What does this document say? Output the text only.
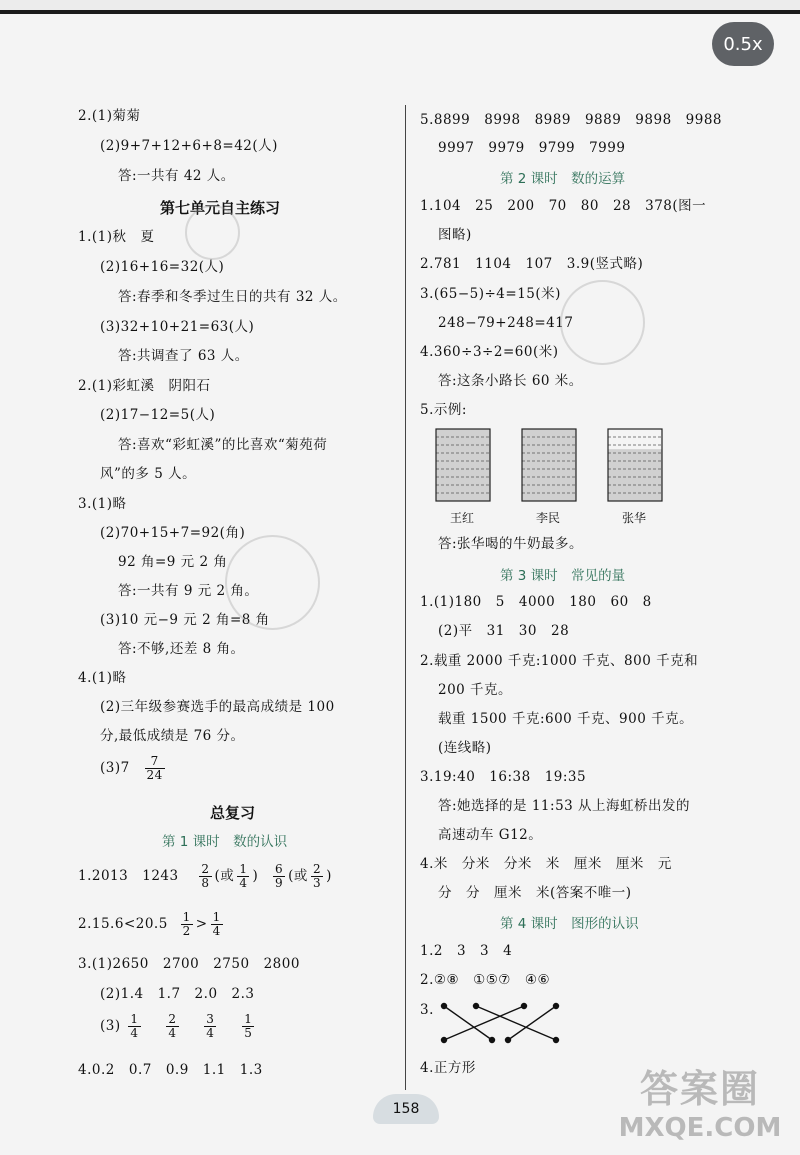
0.5x
2.(1)菊菊
(2)9+7+12+6+8=42(人)
答:一共有 42 人。
第七单元自主练习
1.(1)秋　夏
(2)16+16=32(人)
答:春季和冬季过生日的共有 32 人。
(3)32+10+21=63(人)
答:共调查了 63 人。
2.(1)彩虹溪　阴阳石
(2)17−12=5(人)
答:喜欢“彩虹溪”的比喜欢“菊苑荷
风”的多 5 人。
3.(1)略
(2)70+15+7=92(角)
92 角=9 元 2 角
答:一共有 9 元 2 角。
(3)10 元−9 元 2 角=8 角
答:不够,还差 8 角。
4.(1)略
(2)三年级参赛选手的最高成绩是 100
分,最低成绩是 76 分。
$(3)7 \frac{7}{24}$
总复习
第 1 课时　数的认识
1.2013　$1243 \frac{2}{8}$ (或 $\frac{1}{4}$ ) $\frac{6}{9}$ (或 $\frac{2}{3}$ )
$2.15.6<20.5 \frac{1}{2} > \frac{1}{4}$
3.(1)2650　2700　2750　2800
(2)1.4　1.7　2.0　2.3
$(3) \frac{1}{4}$
$\frac{2}{4}$
$\frac{3}{4}$
$\frac{1}{5}$
4.0.2　0.7　0.9　1.1　1.3
5.8899　8998　8989　9889　9898　9988
9997　9979　9799　7999
第 2 课时　数的运算
1.104　25　200　70　80　28　378(图一
图略)
2.781　1104　107　3.9(竖式略)
3.(65−5)÷4=15(米)
248−79+248=417
4.360÷3÷2=60(米)
答:这条小路长 60 米。
5.示例:
王红	李民	张华
答:张华喝的牛奶最多。
第 3 课时　常见的量
1.(1)180　5　4000　180　60　8
(2)平　31　30　28
2.载重 2000 千克:1000 千克、800 千克和
200 千克。
载重 1500 千克:600 千克、900 千克。
(连线略)
3.19:40　16:38　19:35
答:她选择的是 11:53 从上海虹桥出发的
高速动车 G12。
4.米　分米　分米　米　厘米　厘米　元
分　分　厘米　米(答案不唯一)
第 4 课时　图形的认识
1.2　3　3　4
2.②⑧　①⑤⑦　④⑥
3.
4.正方形
158	答案圈
MXQE.COM
